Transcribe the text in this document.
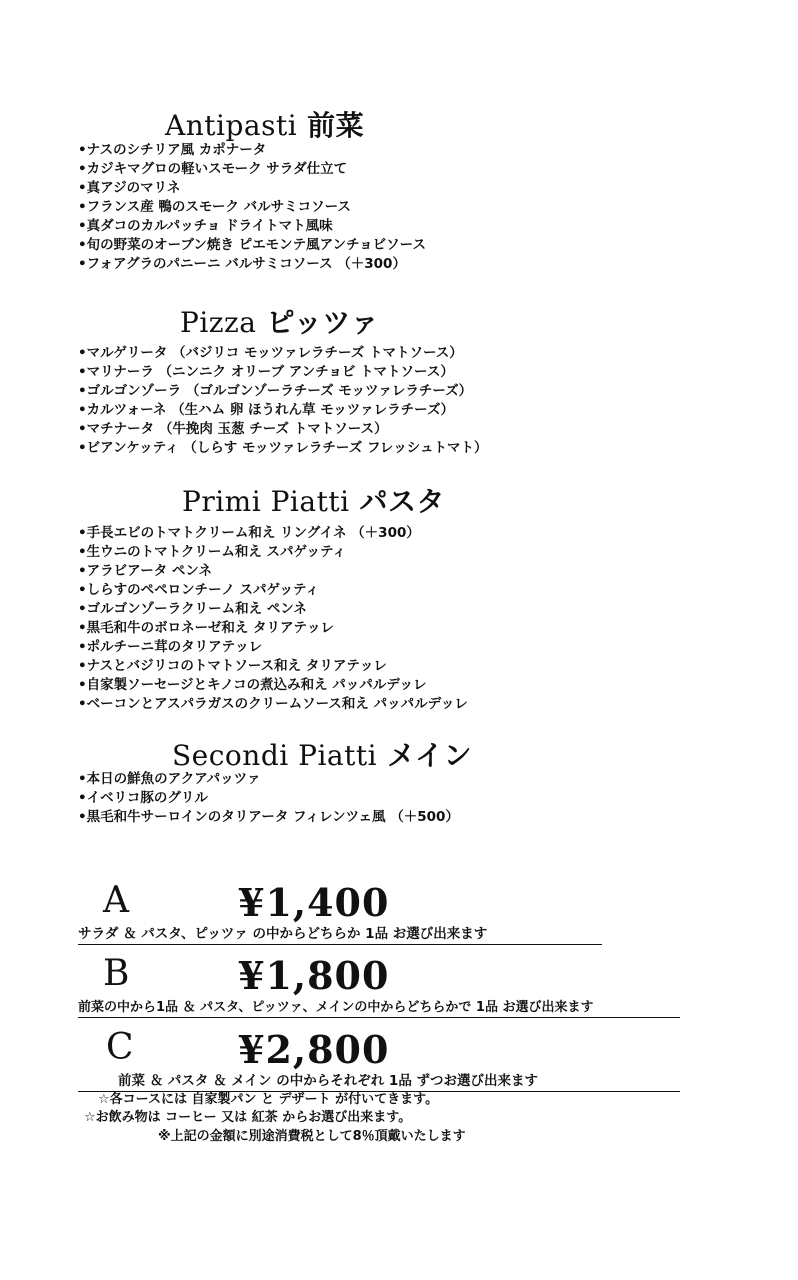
Antipasti 前菜
•ナスのシチリア風 カポナータ
•カジキマグロの軽いスモーク サラダ仕立て
•真アジのマリネ
•フランス産 鴨のスモーク バルサミコソース
•真ダコのカルパッチョ ドライトマト風味
•旬の野菜のオーブン焼き ピエモンテ風アンチョビソース
•フォアグラのパニーニ バルサミコソース （＋300）
Pizza ピッツァ
•マルゲリータ （バジリコ モッツァレラチーズ トマトソース）
•マリナーラ （ニンニク オリーブ アンチョビ トマトソース）
•ゴルゴンゾーラ （ゴルゴンゾーラチーズ モッツァレラチーズ）
•カルツォーネ （生ハム 卵 ほうれん草 モッツァレラチーズ）
•マチナータ （牛挽肉 玉葱 チーズ トマトソース）
•ビアンケッティ （しらす モッツァレラチーズ フレッシュトマト）
Primi Piatti パスタ
•手長エビのトマトクリーム和え リングイネ （＋300）
•生ウニのトマトクリーム和え スパゲッティ
•アラビアータ ペンネ
•しらすのペペロンチーノ スパゲッティ
•ゴルゴンゾーラクリーム和え ペンネ
•黒毛和牛のボロネーゼ和え タリアテッレ
•ポルチーニ茸のタリアテッレ
•ナスとバジリコのトマトソース和え タリアテッレ
•自家製ソーセージとキノコの煮込み和え パッパルデッレ
•ベーコンとアスパラガスのクリームソース和え パッパルデッレ
Secondi Piatti メイン
•本日の鮮魚のアクアパッツァ
•イベリコ豚のグリル
•黒毛和牛サーロインのタリアータ フィレンツェ風 （＋500）
A	¥1,400
サラダ ＆ パスタ、ピッツァ の中からどちらか 1品 お選び出来ます
B	¥1,800
前菜の中から1品 ＆ パスタ、ピッツァ、メインの中からどちらかで 1品 お選び出来ます
C	¥2,800
前菜 ＆ パスタ ＆ メイン の中からそれぞれ 1品 ずつお選び出来ます
☆各コースには 自家製パン と デザート が付いてきます。
☆お飲み物は コーヒー 又は 紅茶 からお選び出来ます。
※上記の金額に別途消費税として8％頂戴いたします
